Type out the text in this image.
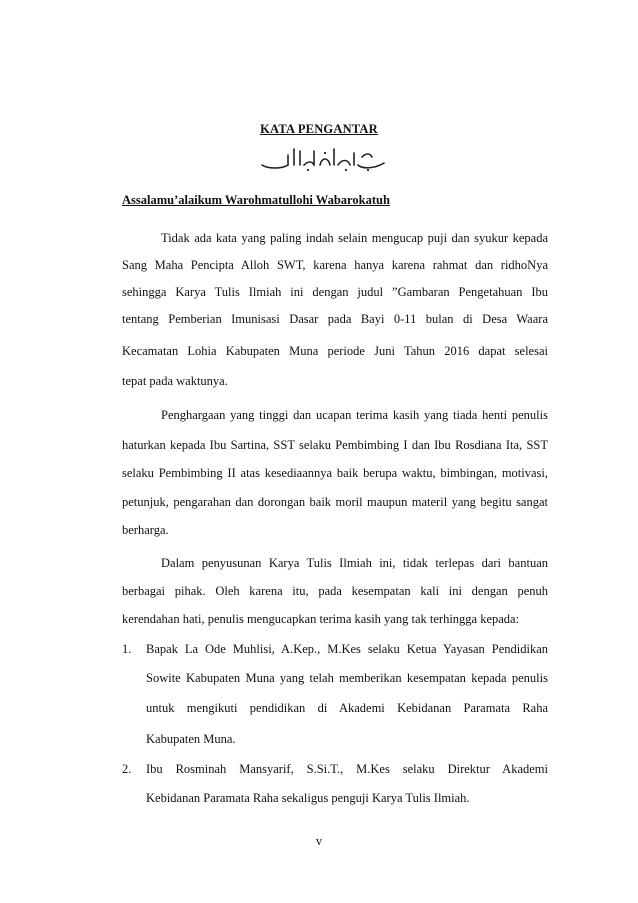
KATA PENGANTAR
Assalamu’alaikum Warohmatullohi Wabarokatuh
Tidak ada kata yang paling indah selain mengucap puji dan syukur kepada
Sang Maha Pencipta Alloh SWT, karena hanya karena rahmat dan ridhoNya
sehingga Karya Tulis Ilmiah ini dengan judul ”Gambaran Pengetahuan Ibu
tentang Pemberian Imunisasi Dasar pada Bayi 0-11 bulan di Desa Waara
Kecamatan Lohia Kabupaten Muna periode Juni Tahun 2016 dapat selesai
tepat pada waktunya.
Penghargaan yang tinggi dan ucapan terima kasih yang tiada henti penulis
haturkan kepada Ibu Sartina, SST selaku Pembimbing I dan Ibu Rosdiana Ita, SST
selaku Pembimbing II atas kesediaannya baik berupa waktu, bimbingan, motivasi,
petunjuk, pengarahan dan dorongan baik moril maupun materil yang begitu sangat
berharga.
Dalam penyusunan Karya Tulis Ilmiah ini, tidak terlepas dari bantuan
berbagai pihak. Oleh karena itu, pada kesempatan kali ini dengan penuh
kerendahan hati, penulis mengucapkan terima kasih yang tak terhingga kepada:
1. Bapak La Ode Muhlisi, A.Kep., M.Kes selaku Ketua Yayasan Pendidikan
Sowite Kabupaten Muna yang telah memberikan kesempatan kepada penulis
untuk mengikuti pendidikan di Akademi Kebidanan Paramata Raha
Kabupaten Muna.
2. Ibu Rosminah Mansyarif, S.Si.T., M.Kes selaku Direktur Akademi
Kebidanan Paramata Raha sekaligus penguji Karya Tulis Ilmiah.
v
